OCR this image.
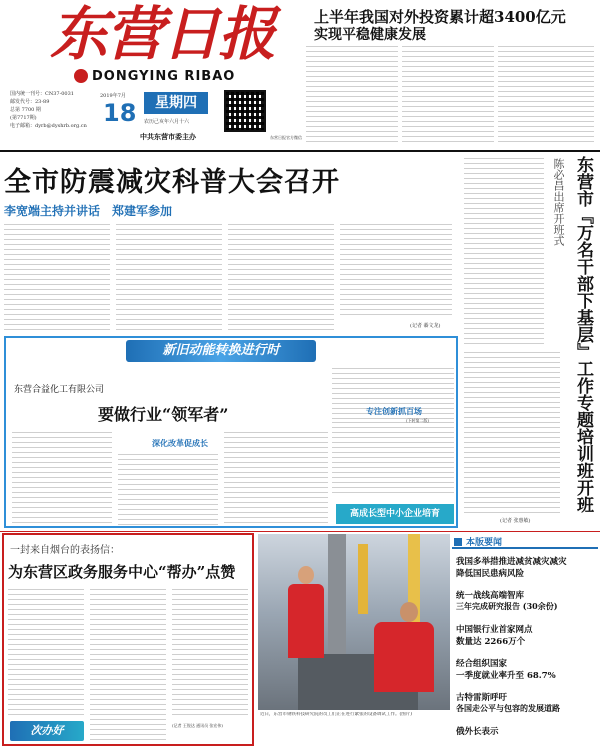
东营日报
DONGYING RIBAO
国内统一刊号：CN37-0031
邮发代号：23-89
总第 7700 期
(第7717期)
电子邮箱：dyrb@dyshrb.org.cn
2019年7月
18	星期四
农历己亥年六月十六
中共东营市委主办	东营日报官方微信
上半年我国对外投资累计超3400亿元
实现平稳健康发展
全市防震减灾科普大会召开
李宽端主持并讲话　郑建军参加
(记者 綦文龙)	东营市『万名干部下基层』工作专题培训班开班
陈必昌出席开班式
(记者 张惠敏)
新旧动能转换进行时
东营合益化工有限公司
要做行业“领军者”
深化改革促成长
专注创新抓百场
(下转第二版)
高成长型中小企业培育
一封来自烟台的表扬信：
为东营区政务服务中心“帮办”点赞
(记者 王锐达 通讯员 张宏伟)
次办好
近日，东营市钢铁科技研究院的员工们正在进行紧张的设备调试工作。(图片)
本版要闻
我国多举措推进减贫减灾减灾
降低国民患病风险
统一战线高端智库
三年完成研究报告 (30余份)
中国银行业首家网点
数量达 2266万个
经合组织国家
一季度就业率升至 68.7%
古特雷斯呼吁
各国走公平与包容的发展道路
俄外长表示
